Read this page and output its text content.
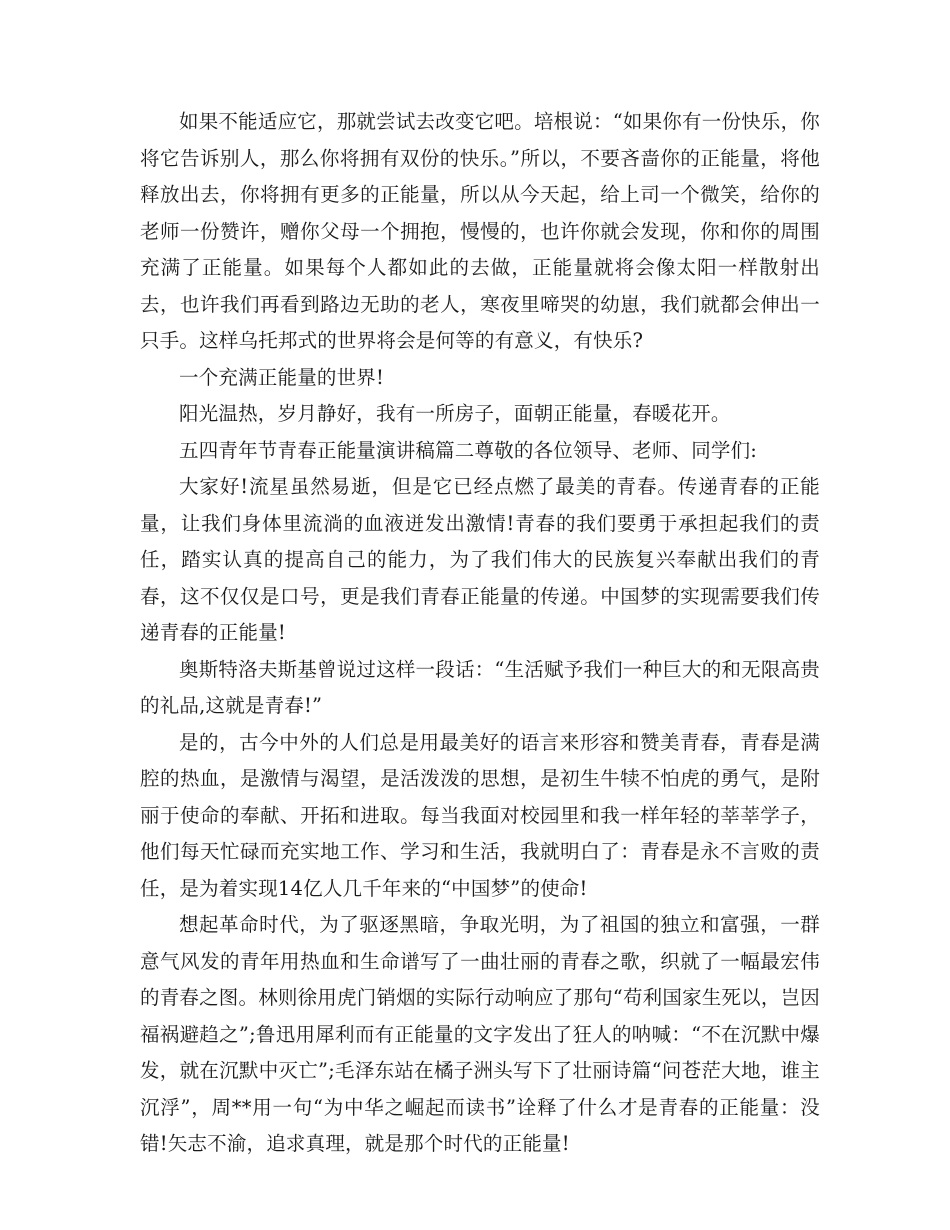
如果不能适应它，那就尝试去改变它吧。培根说：“如果你有一份快乐，你将它告诉别人，那么你将拥有双份的快乐。”所以，不要吝啬你的正能量，将他释放出去，你将拥有更多的正能量，所以从今天起，给上司一个微笑，给你的老师一份赞许，赠你父母一个拥抱，慢慢的，也许你就会发现，你和你的周围充满了正能量。如果每个人都如此的去做，正能量就将会像太阳一样散射出去，也许我们再看到路边无助的老人，寒夜里啼哭的幼崽，我们就都会伸出一只手。这样乌托邦式的世界将会是何等的有意义，有快乐?

一个充满正能量的世界!

阳光温热，岁月静好，我有一所房子，面朝正能量，春暖花开。

五四青年节青春正能量演讲稿篇二尊敬的各位领导、老师、同学们:

大家好!流星虽然易逝，但是它已经点燃了最美的青春。传递青春的正能量，让我们身体里流淌的血液迸发出激情!青春的我们要勇于承担起我们的责任，踏实认真的提高自己的能力，为了我们伟大的民族复兴奉献出我们的青春，这不仅仅是口号，更是我们青春正能量的传递。中国梦的实现需要我们传递青春的正能量!

奥斯特洛夫斯基曾说过这样一段话：“生活赋予我们一种巨大的和无限高贵的礼品,这就是青春!”

是的，古今中外的人们总是用最美好的语言来形容和赞美青春，青春是满腔的热血，是激情与渴望，是活泼泼的思想，是初生牛犊不怕虎的勇气，是附丽于使命的奉献、开拓和进取。每当我面对校园里和我一样年轻的莘莘学子，他们每天忙碌而充实地工作、学习和生活，我就明白了：青春是永不言败的责任，是为着实现14亿人几千年来的“中国梦”的使命!

想起革命时代，为了驱逐黑暗，争取光明，为了祖国的独立和富强，一群意气风发的青年用热血和生命谱写了一曲壮丽的青春之歌，织就了一幅最宏伟的青春之图。林则徐用虎门销烟的实际行动响应了那句“苟利国家生死以，岂因福祸避趋之”;鲁迅用犀利而有正能量的文字发出了狂人的呐喊：“不在沉默中爆发，就在沉默中灭亡”;毛泽东站在橘子洲头写下了壮丽诗篇“问苍茫大地，谁主沉浮”，周**用一句“为中华之崛起而读书”诠释了什么才是青春的正能量：没错!矢志不渝，追求真理，就是那个时代的正能量!
